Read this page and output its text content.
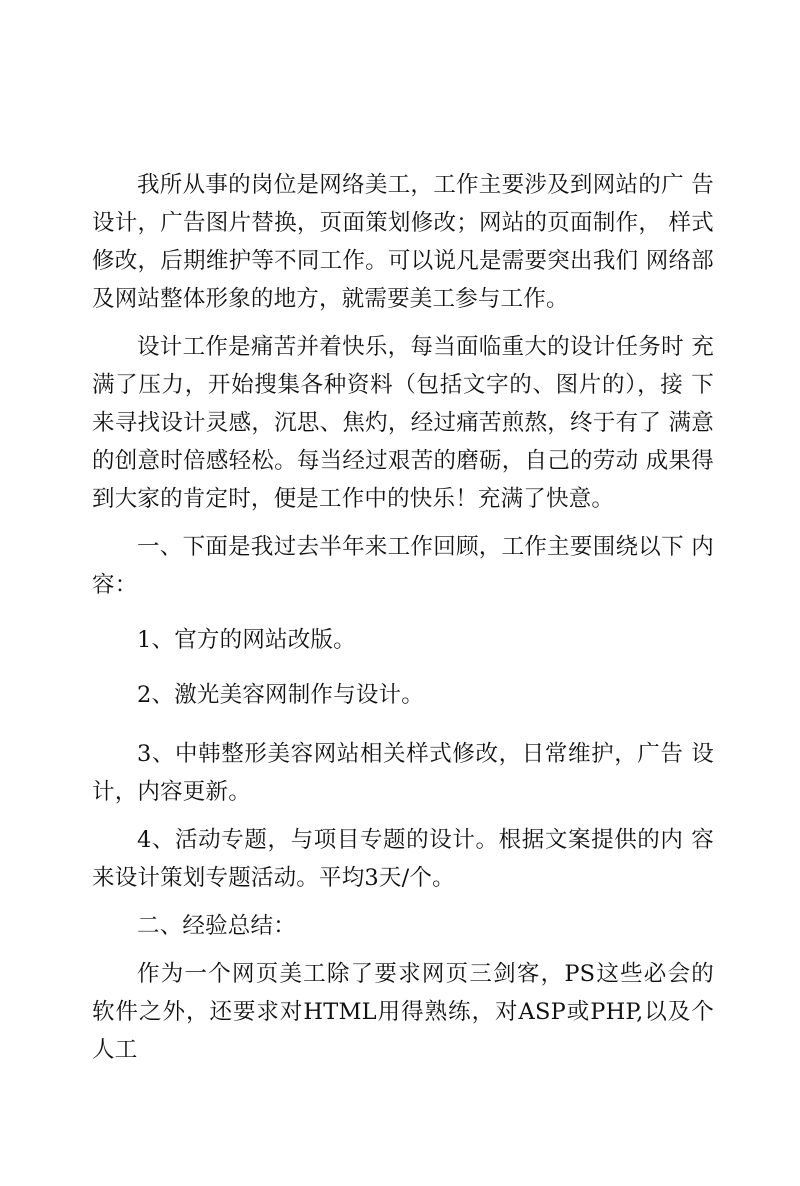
我所从事的岗位是网络美工，工作主要涉及到网站的广 告设计，广告图片替换，页面策划修改；网站的页面制作， 样式修改，后期维护等不同工作。可以说凡是需要突出我们 网络部及网站整体形象的地方，就需要美工参与工作。

设计工作是痛苦并着快乐，每当面临重大的设计任务时 充满了压力，开始搜集各种资料（包括文字的、图片的），接 下来寻找设计灵感，沉思、焦灼，经过痛苦煎熬，终于有了 满意的创意时倍感轻松。每当经过艰苦的磨砺，自己的劳动 成果得到大家的肯定时，便是工作中的快乐！充满了快意。

一、下面是我过去半年来工作回顾，工作主要围绕以下 内容：

1、官方的网站改版。

2、激光美容网制作与设计。

3、中韩整形美容网站相关样式修改，日常维护，广告 设计，内容更新。

4、活动专题，与项目专题的设计。根据文案提供的内 容来设计策划专题活动。平均3天/个。

二、经验总结：

作为一个网页美工除了要求网页三剑客，PS这些必会的 软件之外，还要求对HTML用得熟练，对ASP或PHP,以及个 人工
